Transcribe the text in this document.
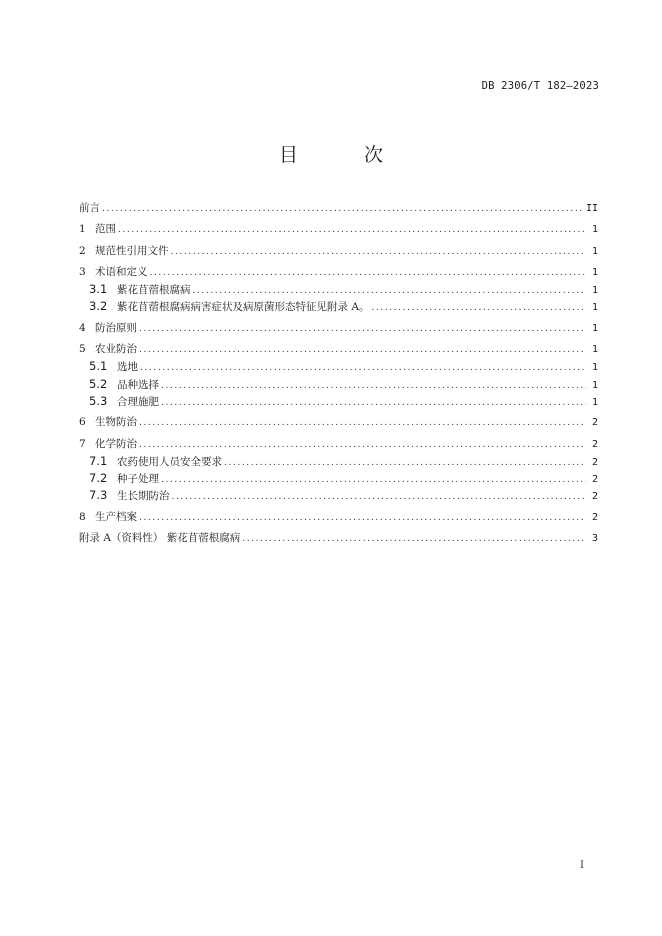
DB 2306/T 182—2023
目 次
前言 .....	II
1 范围 .....	1
2 规范性引用文件 .....	1
3 术语和定义 .....	1
3.1 紫花苜蓿根腐病 .....	1
3.2 紫花苜蓿根腐病病害症状及病原菌形态特征见附录 A。 .....	1
4 防治原则 .....	1
5 农业防治 .....	1
5.1 选地 .....	1
5.2 品种选择 .....	1
5.3 合理施肥 .....	1
6 生物防治 .....	2
7 化学防治 .....	2
7.1 农药使用人员安全要求 .....	2
7.2 种子处理 .....	2
7.3 生长期防治 .....	2
8 生产档案 .....	2
附录 A（资料性） 紫花苜蓿根腐病 .....	3
I
